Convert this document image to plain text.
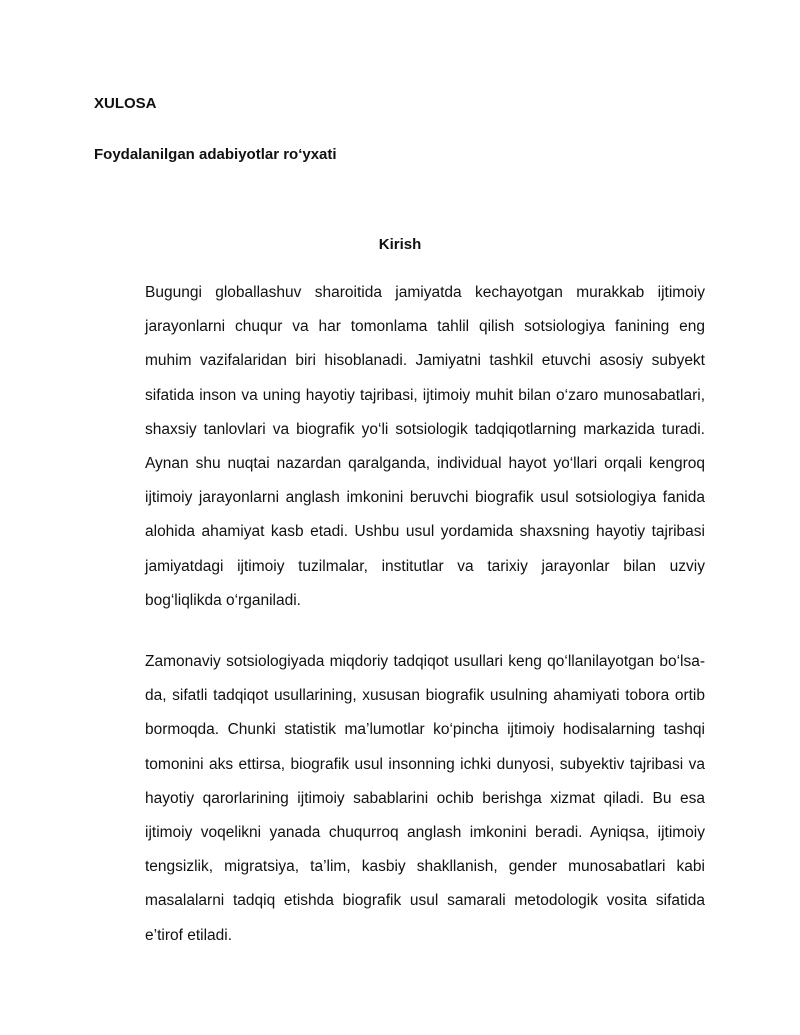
XULOSA

Foydalanilgan adabiyotlar ro‘yxati

Kirish

Bugungi globallashuv sharoitida jamiyatda kechayotgan murakkab ijtimoiy jarayonlarni chuqur va har tomonlama tahlil qilish sotsiologiya fanining eng muhim vazifalaridan biri hisoblanadi. Jamiyatni tashkil etuvchi asosiy subyekt sifatida inson va uning hayotiy tajribasi, ijtimoiy muhit bilan o‘zaro munosabatlari, shaxsiy tanlovlari va biografik yo‘li sotsiologik tadqiqotlarning markazida turadi. Aynan shu nuqtai nazardan qaralganda, individual hayot yo‘llari orqali kengroq ijtimoiy jarayonlarni anglash imkonini beruvchi biografik usul sotsiologiya fanida alohida ahamiyat kasb etadi. Ushbu usul yordamida shaxsning hayotiy tajribasi jamiyatdagi ijtimoiy tuzilmalar, institutlar va tarixiy jarayonlar bilan uzviy bog‘liqlikda o‘rganiladi.

Zamonaviy sotsiologiyada miqdoriy tadqiqot usullari keng qo‘llanilayotgan bo‘lsa-da, sifatli tadqiqot usullarining, xususan biografik usulning ahamiyati tobora ortib bormoqda. Chunki statistik ma’lumotlar ko‘pincha ijtimoiy hodisalarning tashqi tomonini aks ettirsa, biografik usul insonning ichki dunyosi, subyektiv tajribasi va hayotiy qarorlarining ijtimoiy sabablarini ochib berishga xizmat qiladi. Bu esa ijtimoiy voqelikni yanada chuqurroq anglash imkonini beradi. Ayniqsa, ijtimoiy tengsizlik, migratsiya, ta’lim, kasbiy shakllanish, gender munosabatlari kabi masalalarni tadqiq etishda biografik usul samarali metodologik vosita sifatida e’tirof etiladi.
